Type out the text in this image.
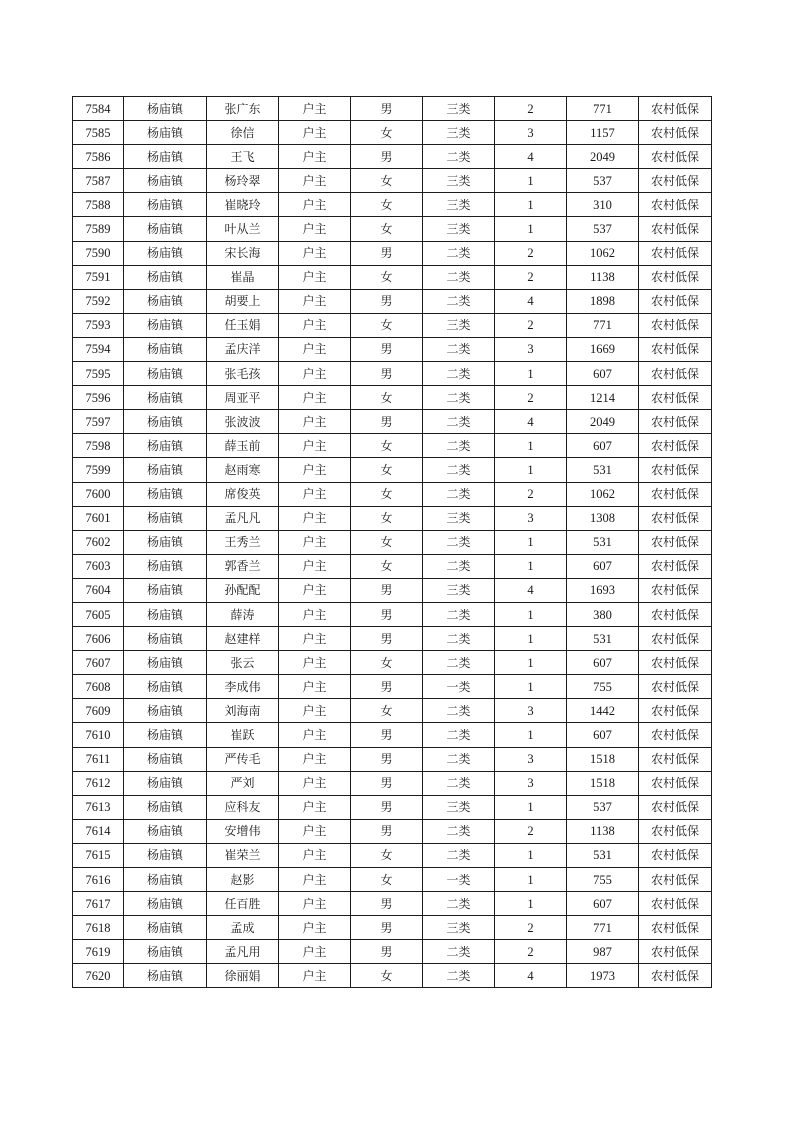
7584	杨庙镇	张广东	户主	男	三类	2	771	农村低保
7585	杨庙镇	徐信	户主	女	三类	3	1157	农村低保
7586	杨庙镇	王飞	户主	男	二类	4	2049	农村低保
7587	杨庙镇	杨玲翠	户主	女	三类	1	537	农村低保
7588	杨庙镇	崔晓玲	户主	女	三类	1	310	农村低保
7589	杨庙镇	叶从兰	户主	女	三类	1	537	农村低保
7590	杨庙镇	宋长海	户主	男	二类	2	1062	农村低保
7591	杨庙镇	崔晶	户主	女	二类	2	1138	农村低保
7592	杨庙镇	胡要上	户主	男	二类	4	1898	农村低保
7593	杨庙镇	任玉娟	户主	女	三类	2	771	农村低保
7594	杨庙镇	孟庆洋	户主	男	二类	3	1669	农村低保
7595	杨庙镇	张毛孩	户主	男	二类	1	607	农村低保
7596	杨庙镇	周亚平	户主	女	二类	2	1214	农村低保
7597	杨庙镇	张波波	户主	男	二类	4	2049	农村低保
7598	杨庙镇	薛玉前	户主	女	二类	1	607	农村低保
7599	杨庙镇	赵雨寒	户主	女	二类	1	531	农村低保
7600	杨庙镇	席俊英	户主	女	二类	2	1062	农村低保
7601	杨庙镇	孟凡凡	户主	女	三类	3	1308	农村低保
7602	杨庙镇	王秀兰	户主	女	二类	1	531	农村低保
7603	杨庙镇	郭香兰	户主	女	二类	1	607	农村低保
7604	杨庙镇	孙配配	户主	男	三类	4	1693	农村低保
7605	杨庙镇	薛涛	户主	男	二类	1	380	农村低保
7606	杨庙镇	赵建样	户主	男	二类	1	531	农村低保
7607	杨庙镇	张云	户主	女	二类	1	607	农村低保
7608	杨庙镇	李成伟	户主	男	一类	1	755	农村低保
7609	杨庙镇	刘海南	户主	女	二类	3	1442	农村低保
7610	杨庙镇	崔跃	户主	男	二类	1	607	农村低保
7611	杨庙镇	严传毛	户主	男	二类	3	1518	农村低保
7612	杨庙镇	严刘	户主	男	二类	3	1518	农村低保
7613	杨庙镇	应科友	户主	男	三类	1	537	农村低保
7614	杨庙镇	安增伟	户主	男	二类	2	1138	农村低保
7615	杨庙镇	崔荣兰	户主	女	二类	1	531	农村低保
7616	杨庙镇	赵影	户主	女	一类	1	755	农村低保
7617	杨庙镇	任百胜	户主	男	二类	1	607	农村低保
7618	杨庙镇	孟成	户主	男	三类	2	771	农村低保
7619	杨庙镇	孟凡用	户主	男	二类	2	987	农村低保
7620	杨庙镇	徐丽娟	户主	女	二类	4	1973	农村低保
